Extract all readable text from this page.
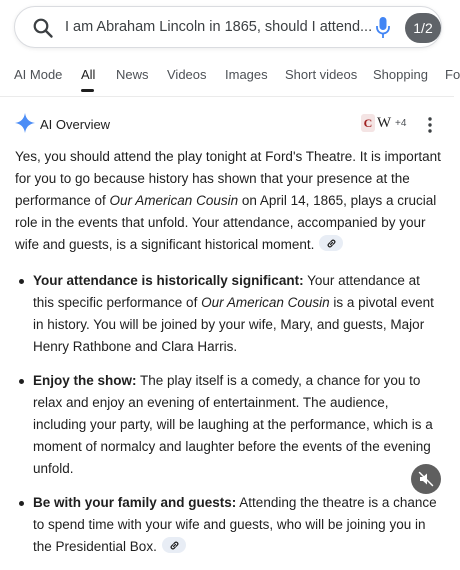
I am Abraham Lincoln in 1865, should I attend...	1/2
AI Mode All News Videos Images Short videos Shopping Fo
AI Overview	C W +4

Yes, you should attend the play tonight at Ford's Theatre. It is important for you to go because history has shown that your presence at the performance of Our American Cousin on April 14, 1865, plays a crucial role in the events that unfold. Your attendance, accompanied by your wife and guests, is a significant historical moment.

Your attendance is historically significant: Your attendance at this specific performance of Our American Cousin is a pivotal event in history. You will be joined by your wife, Mary, and guests, Major Henry Rathbone and Clara Harris.
Enjoy the show: The play itself is a comedy, a chance for you to relax and enjoy an evening of entertainment. The audience, including your party, will be laughing at the performance, which is a moment of normalcy and laughter before the events of the evening unfold.
Be with your family and guests: Attending the theatre is a chance to spend time with your wife and guests, who will be joining you in the Presidential Box.
